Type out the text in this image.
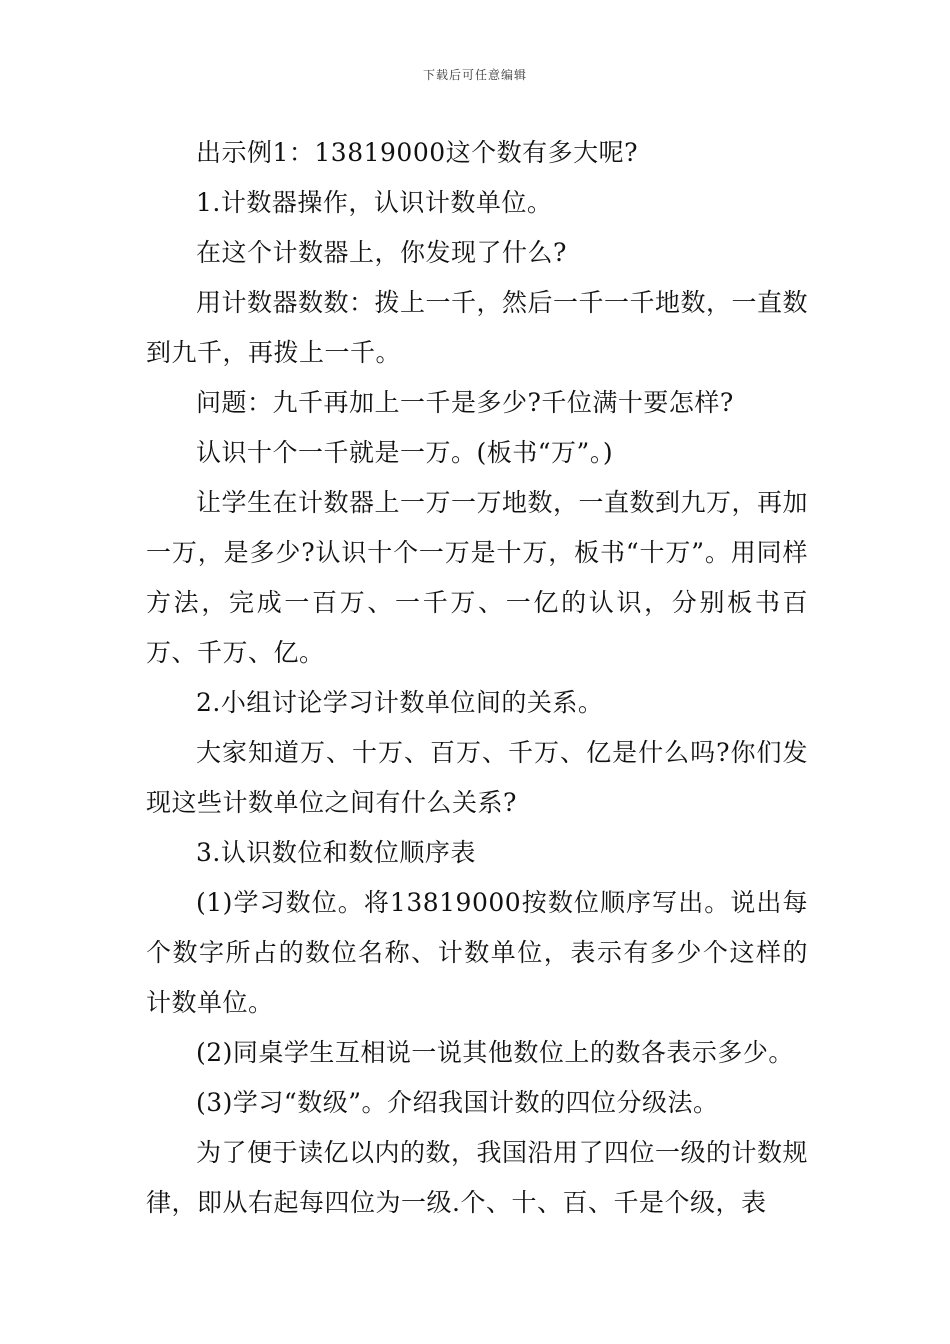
下载后可任意编辑

出示例1：13819000这个数有多大呢?

1.计数器操作，认识计数单位。

在这个计数器上，你发现了什么?

用计数器数数：拨上一千，然后一千一千地数，一直数到九千，再拨上一千。

问题：九千再加上一千是多少?千位满十要怎样?

认识十个一千就是一万。(板书“万”。)

让学生在计数器上一万一万地数，一直数到九万，再加一万，是多少?认识十个一万是十万，板书“十万”。用同样方法，完成一百万、一千万、一亿的认识，分别板书百万、千万、亿。

2.小组讨论学习计数单位间的关系。

大家知道万、十万、百万、千万、亿是什么吗?你们发现这些计数单位之间有什么关系?

3.认识数位和数位顺序表

(1)学习数位。将13819000按数位顺序写出。说出每个数字所占的数位名称、计数单位，表示有多少个这样的计数单位。

(2)同桌学生互相说一说其他数位上的数各表示多少。

(3)学习“数级”。介绍我国计数的四位分级法。

为了便于读亿以内的数，我国沿用了四位一级的计数规律，即从右起每四位为一级.个、十、百、千是个级，表
